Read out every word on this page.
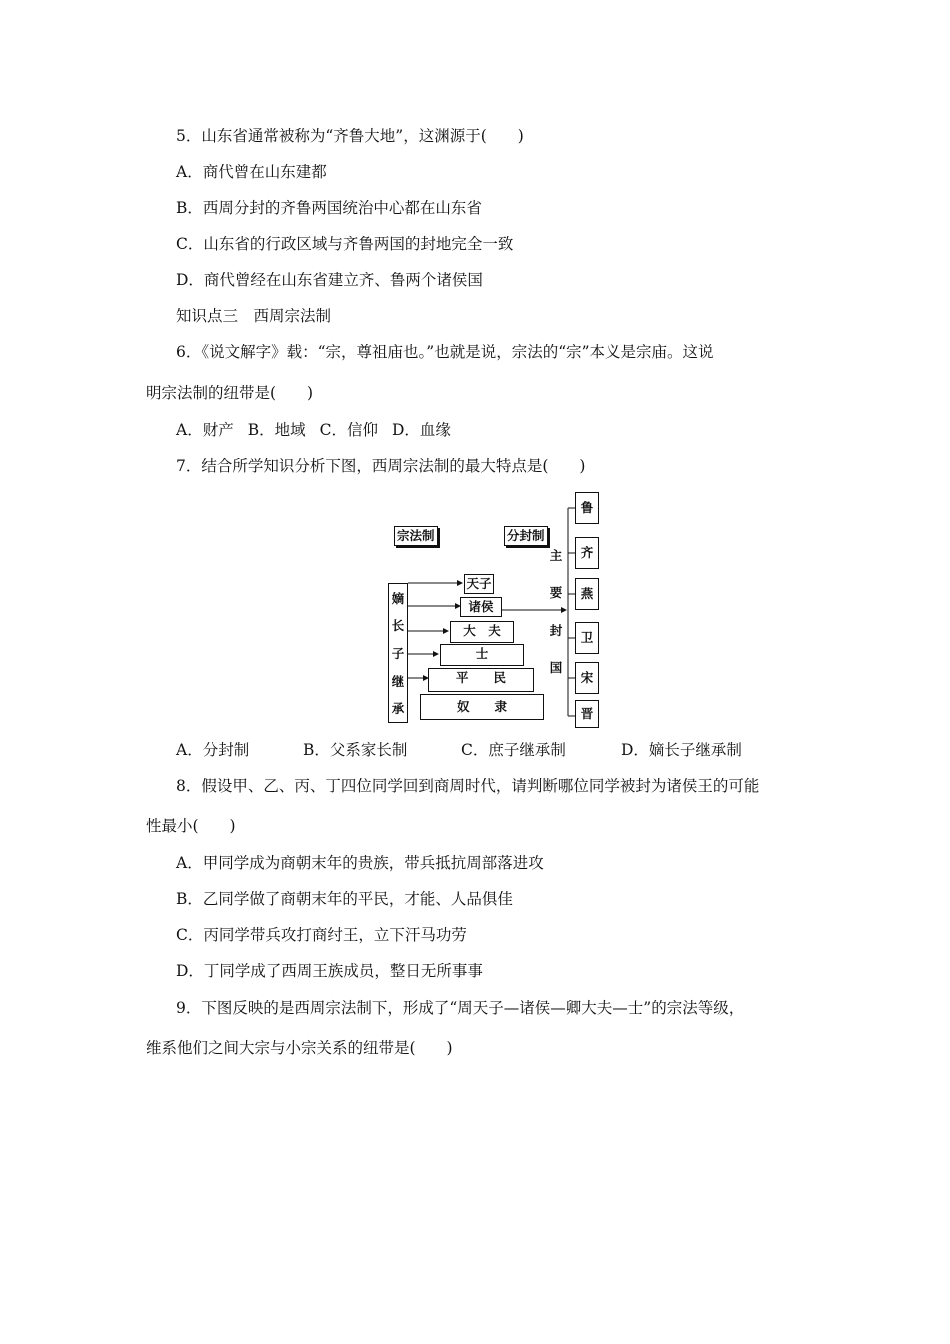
5．山东省通常被称为“齐鲁大地”，这渊源于(　　)
A．商代曾在山东建都
B．西周分封的齐鲁两国统治中心都在山东省
C．山东省的行政区域与齐鲁两国的封地完全一致
D．商代曾经在山东省建立齐、鲁两个诸侯国
知识点三　西周宗法制
6．《说文解字》载：“宗，尊祖庙也。”也就是说，宗法的“宗”本义是宗庙。这说
明宗法制的纽带是(　　)
A．财产 B．地域 C．信仰 D．血缘
7．结合所学知识分析下图，西周宗法制的最大特点是(　　)
宗法制	分封制
嫡
长
子
继
承
天子
诸侯
大　夫
士
平　　民
奴　　隶
主
要
封
国
鲁
齐
燕
卫
宋
晋
A．分封制	B．父系家长制	C．庶子继承制	D．嫡长子继承制
8．假设甲、乙、丙、丁四位同学回到商周时代，请判断哪位同学被封为诸侯王的可能
性最小(　　)
A．甲同学成为商朝末年的贵族，带兵抵抗周部落进攻
B．乙同学做了商朝末年的平民，才能、人品俱佳
C．丙同学带兵攻打商纣王，立下汗马功劳
D．丁同学成了西周王族成员，整日无所事事
9．下图反映的是西周宗法制下，形成了“周天子—诸侯—卿大夫—士”的宗法等级，
维系他们之间大宗与小宗关系的纽带是(　　)
